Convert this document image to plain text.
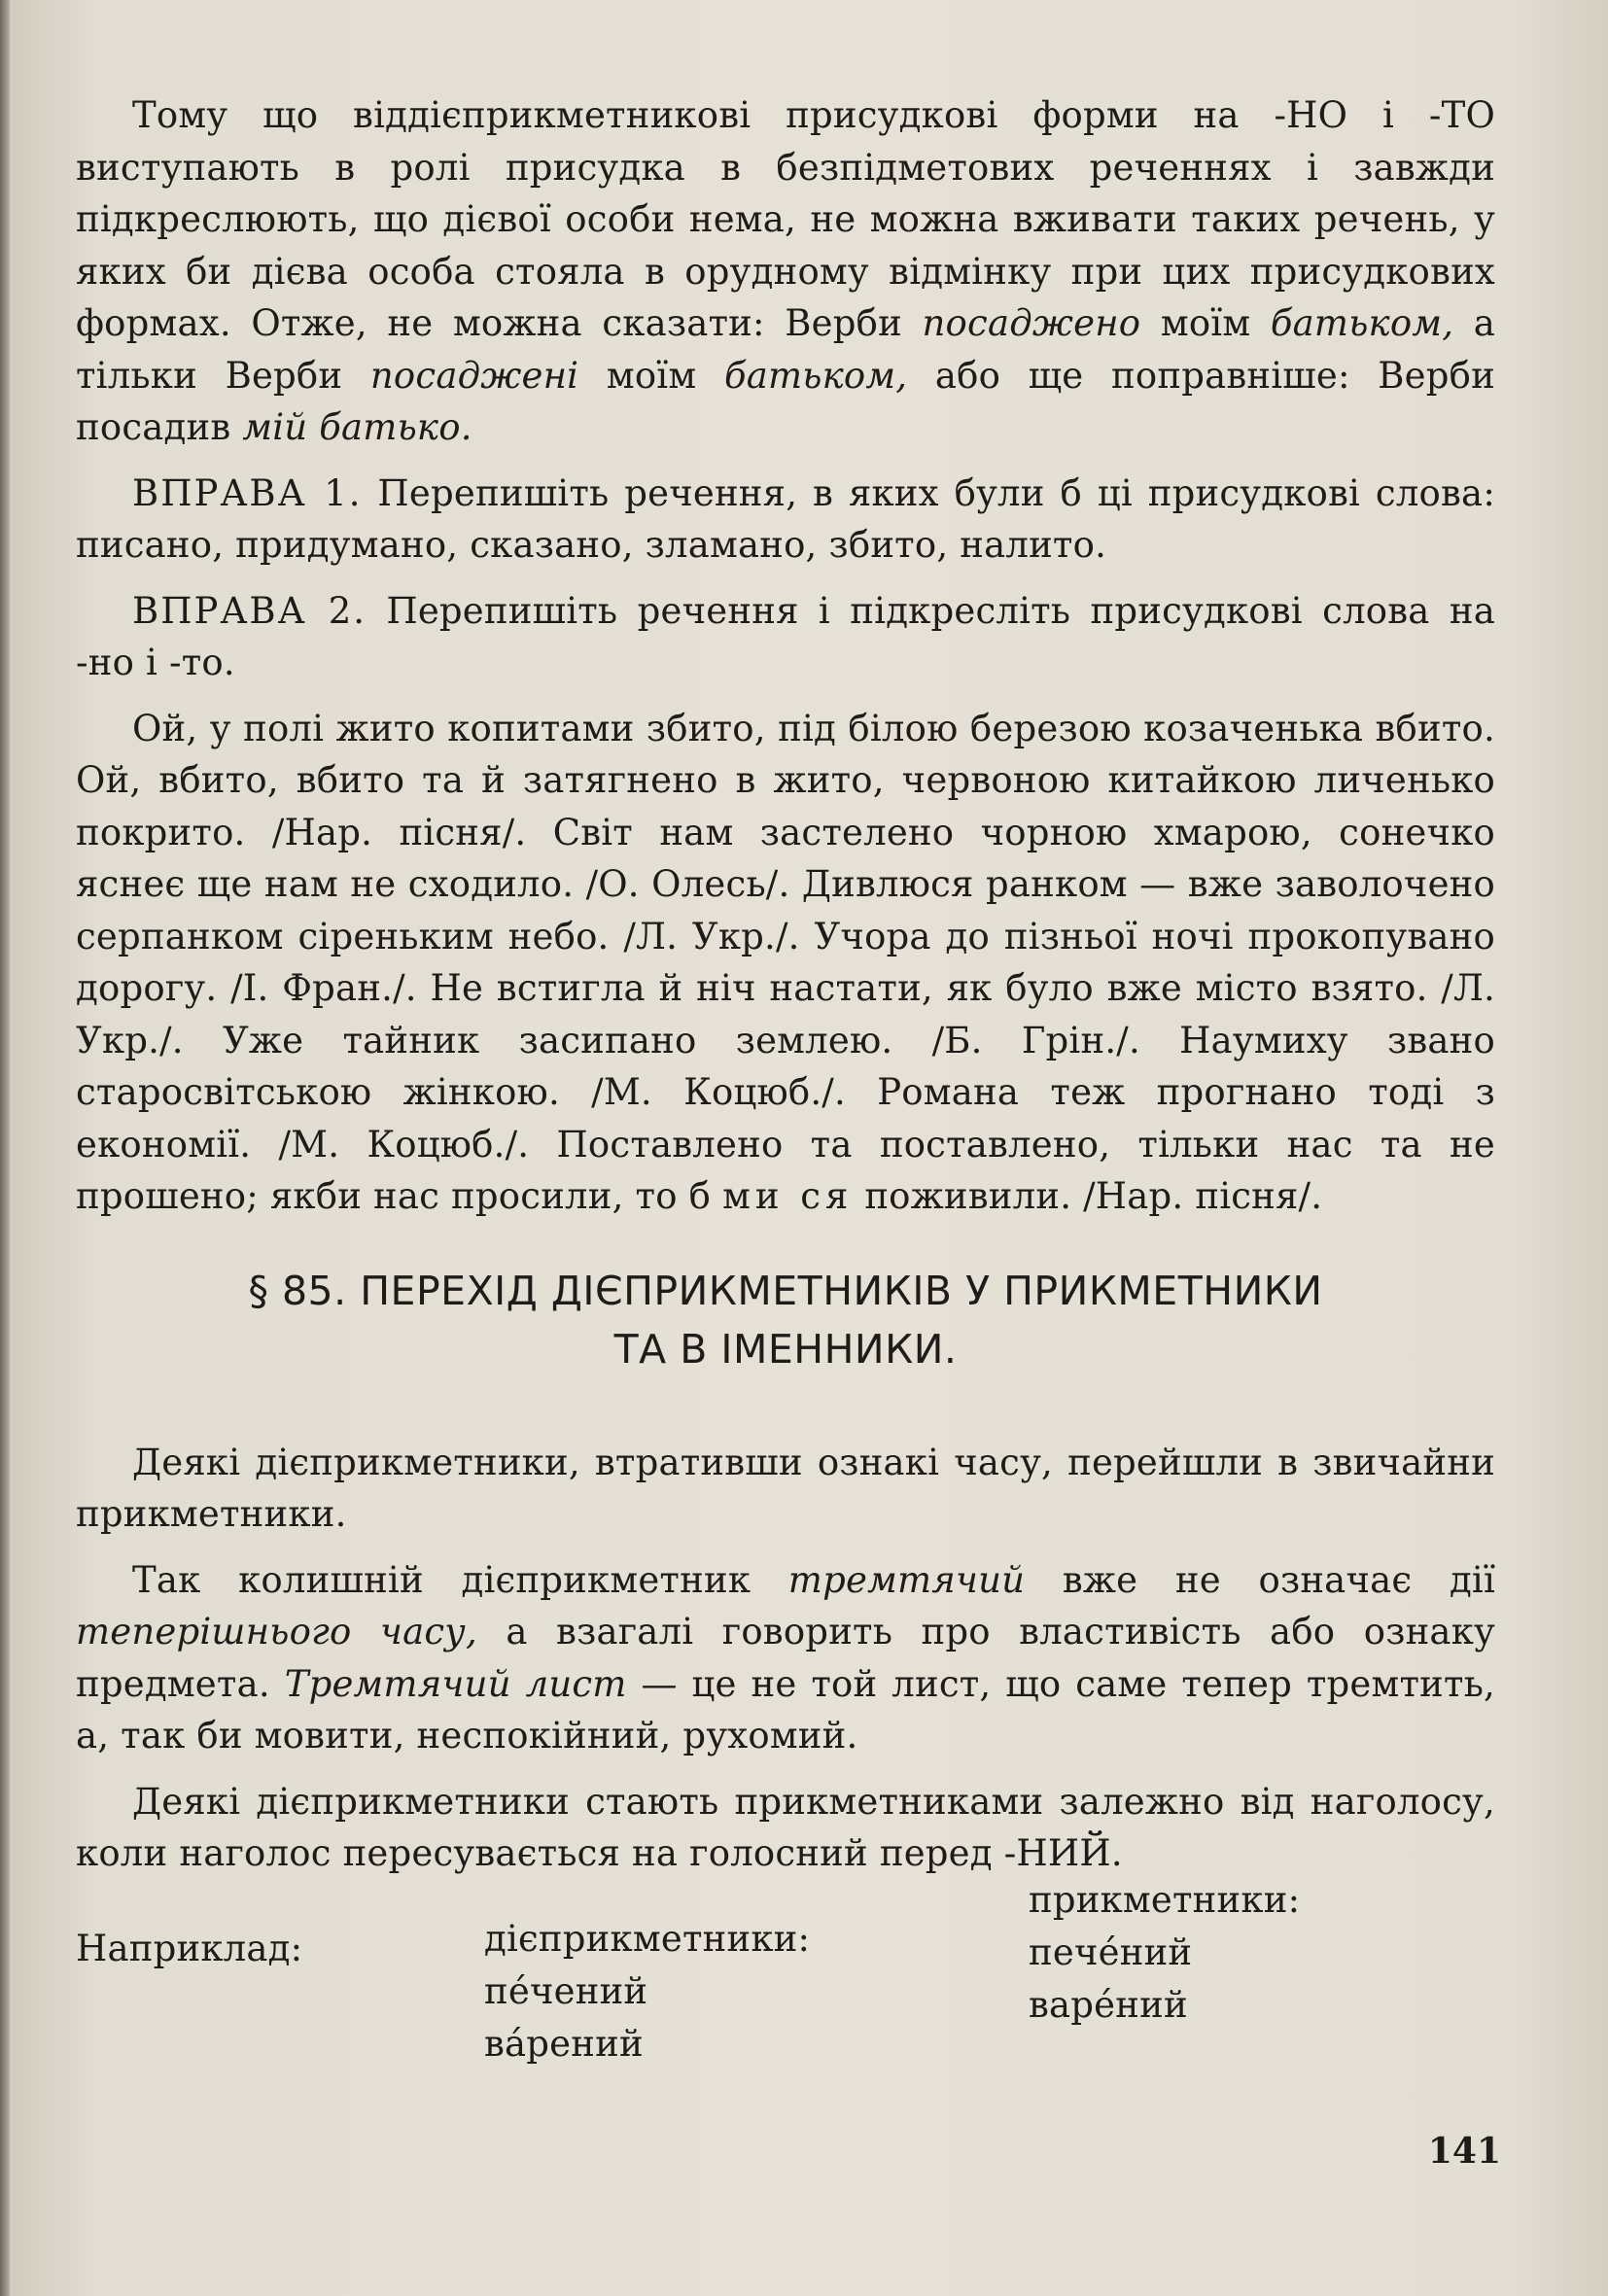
Тому що віддієприкметникові присудкові форми на -НО і -ТО виступають в ролі присудка в безпідметових реченнях і завжди підкреслюють, що дієвої особи нема, не можна вживати таких речень, у яких би дієва особа стояла в орудному відмінку при цих присудкових формах. Отже, не можна сказати: Верби посаджено моїм батьком, а тільки Верби посаджені моїм батьком, або ще поправніше: Верби посадив мій батько.

ВПРАВА 1. Перепишіть речення, в яких були б ці присудкові слова: писано, придумано, сказано, зламано, збито, налито.

ВПРАВА 2. Перепишіть речення і підкресліть присудкові слова на -но і -то.

Ой, у полі жито копитами збито, під білою березою козаченька вбито. Ой, вбито, вбито та й затягнено в жито, червоною китайкою личенько покрито. /Нар. пісня/. Світ нам застелено чорною хмарою, сонечко яснеє ще нам не сходило. /О. Олесь/. Дивлюся ранком — вже заволочено серпанком сіреньким небо. /Л. Укр./. Учора до пізньої ночі прокопувано дорогу. /І. Фран./. Не встигла й ніч настати, як було вже місто взято. /Л. Укр./. Уже тайник засипано землею. /Б. Грін./. Наумиху звано старосвітською жінкою. /М. Коцюб./. Романа теж прогнано тоді з економії. /М. Коцюб./. Поставлено та поставлено, тільки нас та не прошено; якби нас просили, то б ми ся поживили. /Нар. пісня/.

§ 85. ПЕРЕХІД ДІЄПРИКМЕТНИКІВ У ПРИКМЕТНИКИ
ТА В ІМЕННИКИ.

Деякі дієприкметники, втративши ознакі часу, перейшли в звичайни прикметники.

Так колишній дієприкметник тремтячий вже не означає дії теперішнього часу, а взагалі говорить про властивість або ознаку предмета. Тремтячий лист — це не той лист, що саме тепер тремтить, а, так би мовити, неспокійний, рухомий.

Деякі дієприкметники стають прикметниками залежно від наголосу, коли наголос пересувається на голосний перед -НИЙ.

Наприклад:	дієприкметники:
пе́чений
ва́рений
прикметники:
пече́ний
варе́ний
141
